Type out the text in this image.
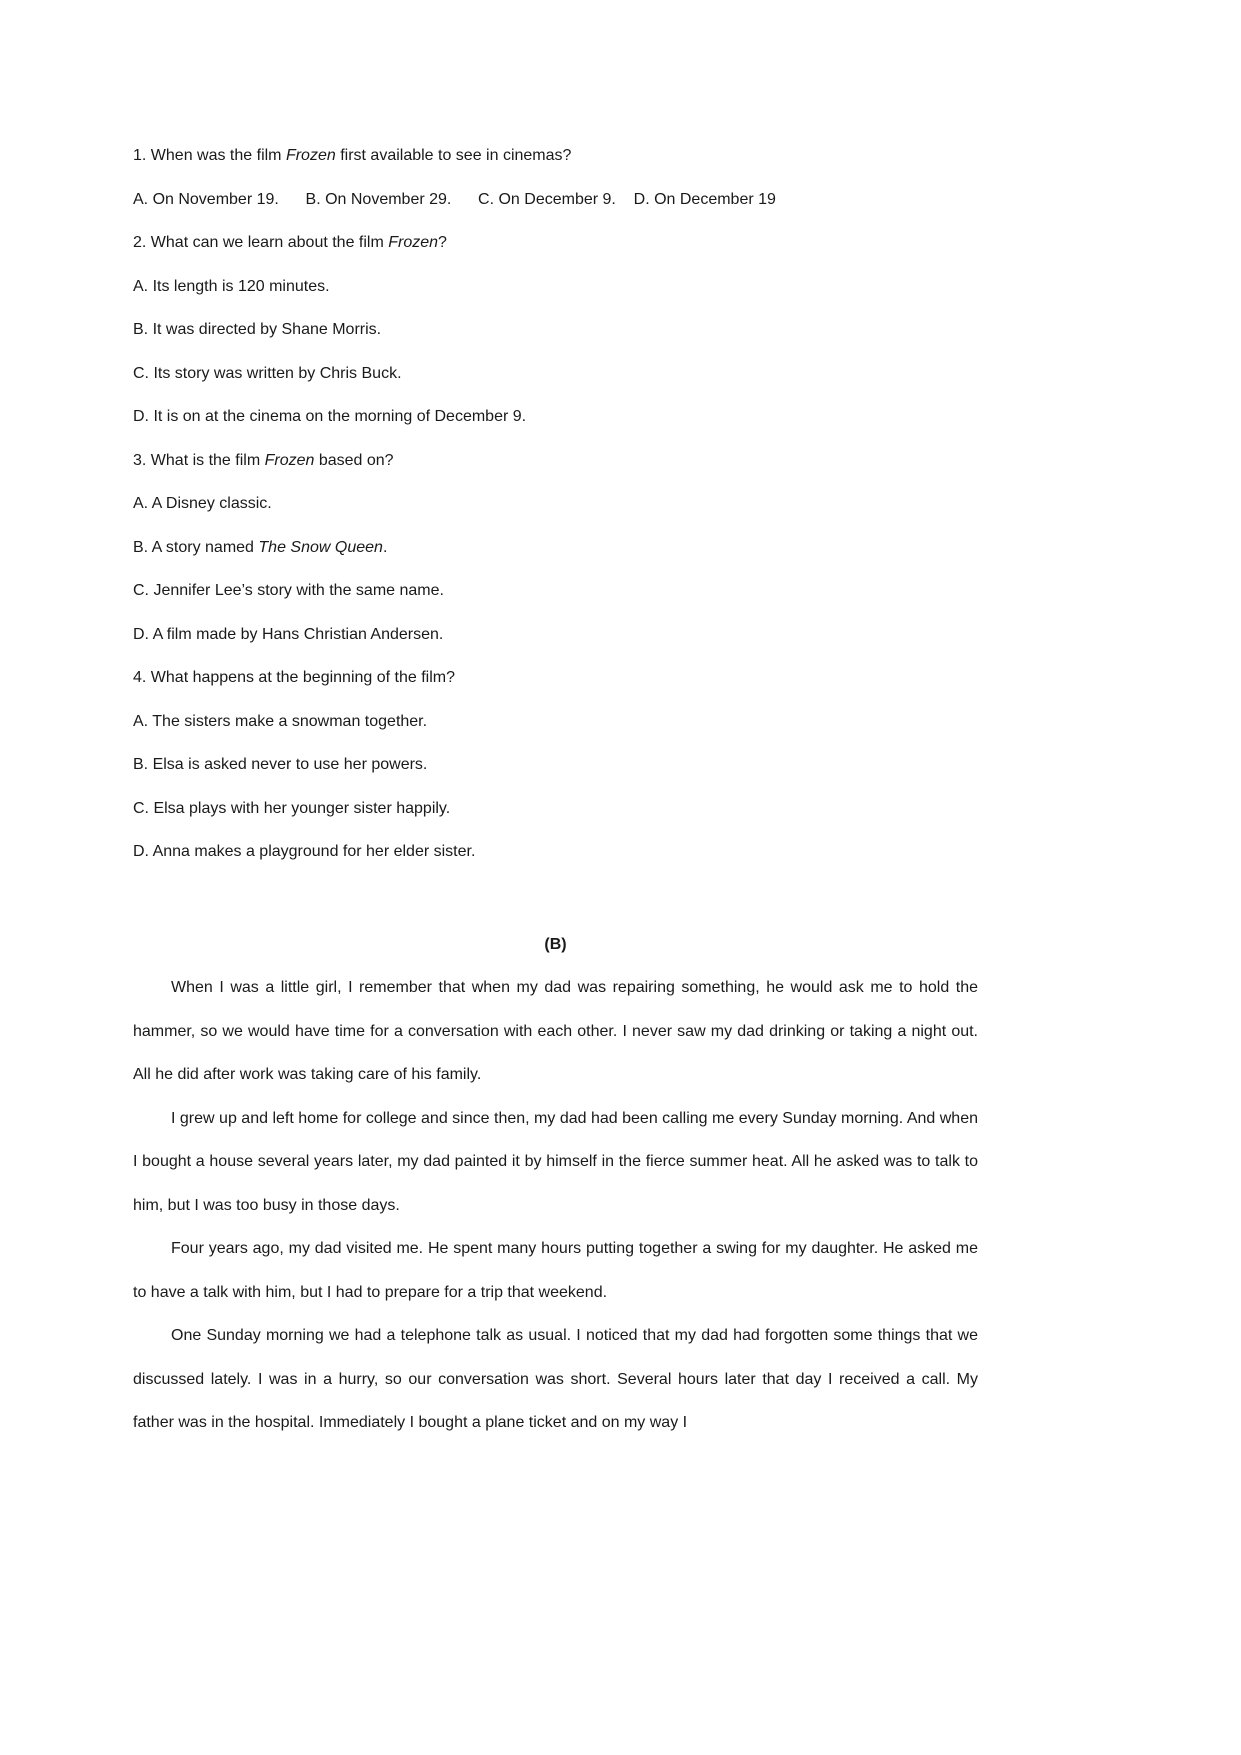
1. When was the film Frozen first available to see in cinemas?

A. On November 19.      B. On November 29.      C. On December 9.    D. On December 19

2. What can we learn about the film Frozen?

A. Its length is 120 minutes.

B. It was directed by Shane Morris.

C. Its story was written by Chris Buck.

D. It is on at the cinema on the morning of December 9.

3. What is the film Frozen based on?

A. A Disney classic.

B. A story named The Snow Queen.

C. Jennifer Lee’s story with the same name.

D. A film made by Hans Christian Andersen.

4. What happens at the beginning of the film?

A. The sisters make a snowman together.

B. Elsa is asked never to use her powers.

C. Elsa plays with her younger sister happily.

D. Anna makes a playground for her elder sister.

(B)

When I was a little girl, I remember that when my dad was repairing something, he would ask me to hold the hammer, so we would have time for a conversation with each other. I never saw my dad drinking or taking a night out. All he did after work was taking care of his family.

I grew up and left home for college and since then, my dad had been calling me every Sunday morning. And when I bought a house several years later, my dad painted it by himself in the fierce summer heat. All he asked was to talk to him, but I was too busy in those days.

Four years ago, my dad visited me. He spent many hours putting together a swing for my daughter. He asked me to have a talk with him, but I had to prepare for a trip that weekend.

One Sunday morning we had a telephone talk as usual. I noticed that my dad had forgotten some things that we discussed lately. I was in a hurry, so our conversation was short. Several hours later that day I received a call. My father was in the hospital. Immediately I bought a plane ticket and on my way I
